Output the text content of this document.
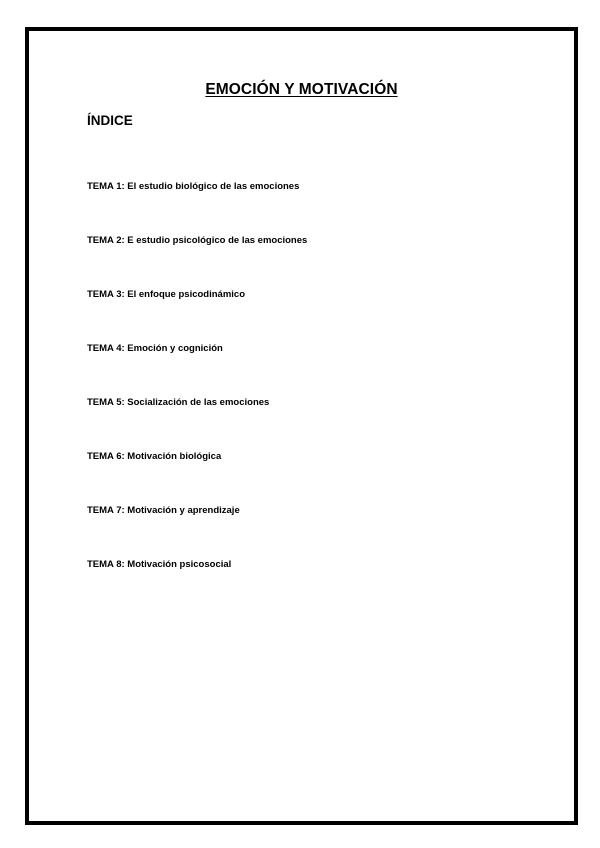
EMOCIÓN Y MOTIVACIÓN
ÍNDICE
TEMA 1: El estudio biológico de las emociones
TEMA 2: E estudio psicológico de las emociones
TEMA 3: El enfoque psicodinámico
TEMA 4: Emoción y cognición
TEMA 5: Socialización de las emociones
TEMA 6: Motivación biológica
TEMA 7: Motivación y aprendizaje
TEMA 8: Motivación psicosocial
